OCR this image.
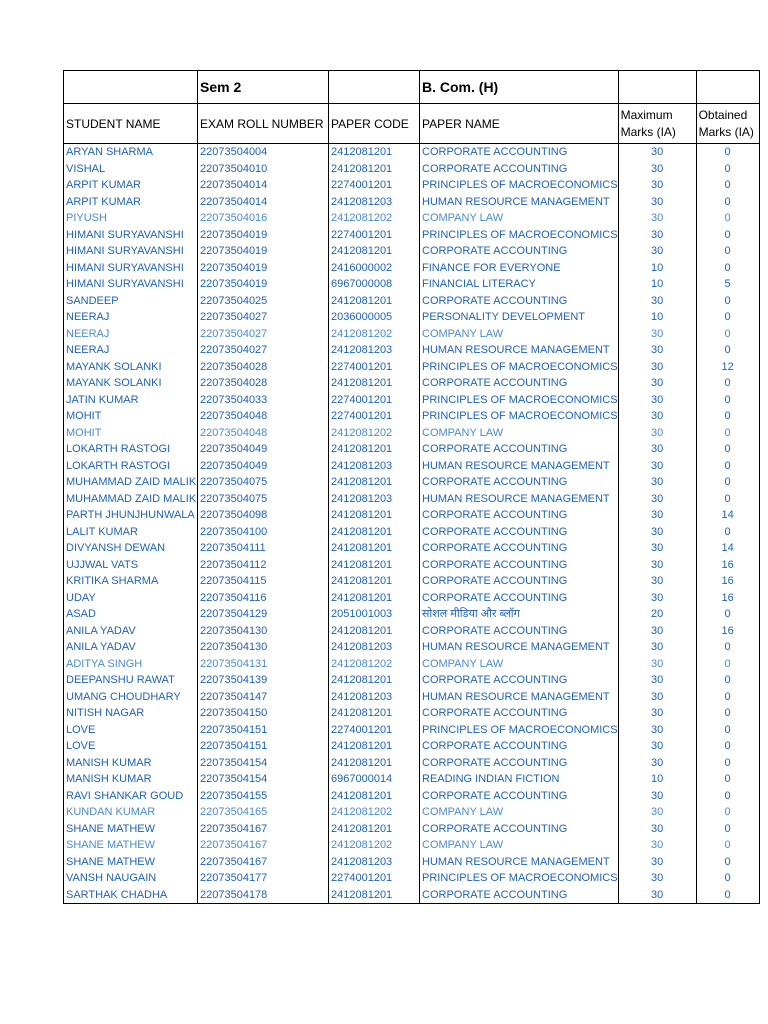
	Sem 2		B. Com. (H)		
STUDENT NAME	EXAM ROLL NUMBER	PAPER CODE	PAPER NAME	Maximum Marks (IA)	Obtained Marks (IA)
ARYAN SHARMA	22073504004	2412081201	CORPORATE ACCOUNTING	30	0
VISHAL	22073504010	2412081201	CORPORATE ACCOUNTING	30	0
ARPIT KUMAR	22073504014	2274001201	PRINCIPLES OF MACROECONOMICS	30	0
ARPIT KUMAR	22073504014	2412081203	HUMAN RESOURCE MANAGEMENT	30	0
PIYUSH	22073504016	2412081202	COMPANY LAW	30	0
HIMANI SURYAVANSHI	22073504019	2274001201	PRINCIPLES OF MACROECONOMICS	30	0
HIMANI SURYAVANSHI	22073504019	2412081201	CORPORATE ACCOUNTING	30	0
HIMANI SURYAVANSHI	22073504019	2416000002	FINANCE FOR EVERYONE	10	0
HIMANI SURYAVANSHI	22073504019	6967000008	FINANCIAL LITERACY	10	5
SANDEEP	22073504025	2412081201	CORPORATE ACCOUNTING	30	0
NEERAJ	22073504027	2036000005	PERSONALITY DEVELOPMENT	10	0
NEERAJ	22073504027	2412081202	COMPANY LAW	30	0
NEERAJ	22073504027	2412081203	HUMAN RESOURCE MANAGEMENT	30	0
MAYANK SOLANKI	22073504028	2274001201	PRINCIPLES OF MACROECONOMICS	30	12
MAYANK SOLANKI	22073504028	2412081201	CORPORATE ACCOUNTING	30	0
JATIN KUMAR	22073504033	2274001201	PRINCIPLES OF MACROECONOMICS	30	0
MOHIT	22073504048	2274001201	PRINCIPLES OF MACROECONOMICS	30	0
MOHIT	22073504048	2412081202	COMPANY LAW	30	0
LOKARTH RASTOGI	22073504049	2412081201	CORPORATE ACCOUNTING	30	0
LOKARTH RASTOGI	22073504049	2412081203	HUMAN RESOURCE MANAGEMENT	30	0
MUHAMMAD ZAID MALIK	22073504075	2412081201	CORPORATE ACCOUNTING	30	0
MUHAMMAD ZAID MALIK	22073504075	2412081203	HUMAN RESOURCE MANAGEMENT	30	0
PARTH JHUNJHUNWALA	22073504098	2412081201	CORPORATE ACCOUNTING	30	14
LALIT KUMAR	22073504100	2412081201	CORPORATE ACCOUNTING	30	0
DIVYANSH DEWAN	22073504111	2412081201	CORPORATE ACCOUNTING	30	14
UJJWAL VATS	22073504112	2412081201	CORPORATE ACCOUNTING	30	16
KRITIKA SHARMA	22073504115	2412081201	CORPORATE ACCOUNTING	30	16
UDAY	22073504116	2412081201	CORPORATE ACCOUNTING	30	16
ASAD	22073504129	2051001003	सोशल मीडिया और ब्लॉग	20	0
ANILA YADAV	22073504130	2412081201	CORPORATE ACCOUNTING	30	16
ANILA YADAV	22073504130	2412081203	HUMAN RESOURCE MANAGEMENT	30	0
ADITYA SINGH	22073504131	2412081202	COMPANY LAW	30	0
DEEPANSHU RAWAT	22073504139	2412081201	CORPORATE ACCOUNTING	30	0
UMANG CHOUDHARY	22073504147	2412081203	HUMAN RESOURCE MANAGEMENT	30	0
NITISH NAGAR	22073504150	2412081201	CORPORATE ACCOUNTING	30	0
LOVE	22073504151	2274001201	PRINCIPLES OF MACROECONOMICS	30	0
LOVE	22073504151	2412081201	CORPORATE ACCOUNTING	30	0
MANISH KUMAR	22073504154	2412081201	CORPORATE ACCOUNTING	30	0
MANISH KUMAR	22073504154	6967000014	READING INDIAN FICTION	10	0
RAVI SHANKAR GOUD	22073504155	2412081201	CORPORATE ACCOUNTING	30	0
KUNDAN KUMAR	22073504165	2412081202	COMPANY LAW	30	0
SHANE MATHEW	22073504167	2412081201	CORPORATE ACCOUNTING	30	0
SHANE MATHEW	22073504167	2412081202	COMPANY LAW	30	0
SHANE MATHEW	22073504167	2412081203	HUMAN RESOURCE MANAGEMENT	30	0
VANSH NAUGAIN	22073504177	2274001201	PRINCIPLES OF MACROECONOMICS	30	0
SARTHAK CHADHA	22073504178	2412081201	CORPORATE ACCOUNTING	30	0
